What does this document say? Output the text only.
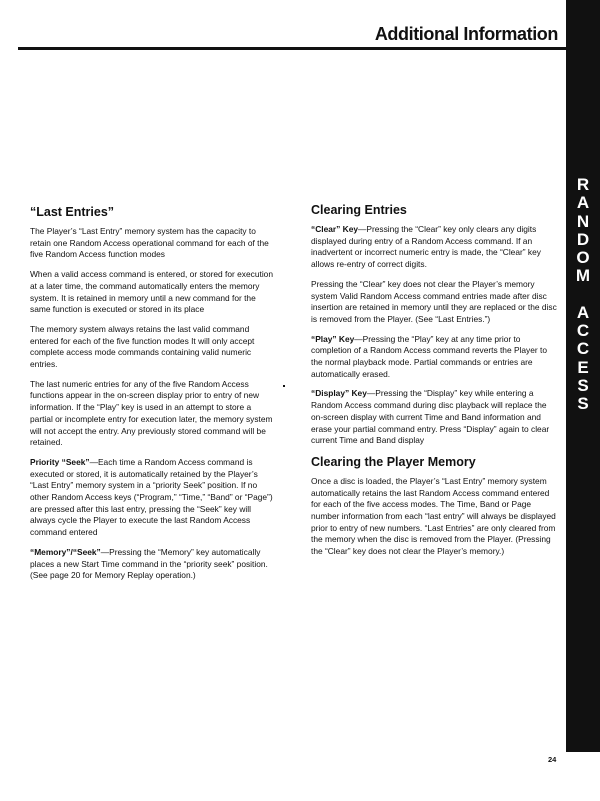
Additional Information
R
A
N
D
O
M
A
C
C
E
S
S
“Last Entries”

The Player’s “Last Entry” memory system has the capacity to retain one Random Access operational command for each of the five Random Access function modes

When a valid access command is entered, or stored for execution at a later time, the command automatically enters the memory system. It is retained in memory until a new command for the same function is executed or stored in its place

The memory system always retains the last valid command entered for each of the five function modes It will only accept complete access mode commands containing valid numeric entries.

The last numeric entries for any of the five Random Access functions appear in the on-screen display prior to entry of new information. If the “Play” key is used in an attempt to store a partial or incomplete entry for execution later, the memory system will not accept the entry. Any previously stored command will be retained.

Priority “Seek”—Each time a Random Access command is executed or stored, it is automatically retained by the Player’s “Last Entry” memory system in a “priority Seek” position. If no other Random Access keys (“Program,” “Time,” “Band” or “Page”) are pressed after this last entry, pressing the “Seek” key will always cycle the Player to execute the last Random Access command entered

“Memory”/“Seek”—Pressing the “Memory” key automatically places a new Start Time command in the “priority seek” position. (See page 20 for Memory Replay operation.)

Clearing Entries

“Clear” Key—Pressing the “Clear” key only clears any digits displayed during entry of a Random Access command. If an inadvertent or incorrect numeric entry is made, the “Clear” key allows re-entry of correct digits.

Pressing the “Clear” key does not clear the Player’s memory system Valid Random Access command entries made after disc insertion are retained in memory until they are replaced or the disc is removed from the Player. (See “Last Entries.”)

“Play” Key—Pressing the “Play” key at any time prior to completion of a Random Access command reverts the Player to the normal playback mode. Partial commands or entries are automatically erased.

“Display” Key—Pressing the “Display” key while entering a Random Access command during disc playback will replace the on-screen display with current Time and Band information and erase your partial command entry. Press “Display” again to clear current Time and Band display

Clearing the Player Memory

Once a disc is loaded, the Player’s “Last Entry” memory system automatically retains the last Random Access command entered for each of the five access modes. The Time, Band or Page number information from each “last entry” will always be displayed prior to entry of new numbers. “Last Entries” are only cleared from the memory when the disc is removed from the Player. (Pressing the “Clear” key does not clear the Player’s memory.)

24
